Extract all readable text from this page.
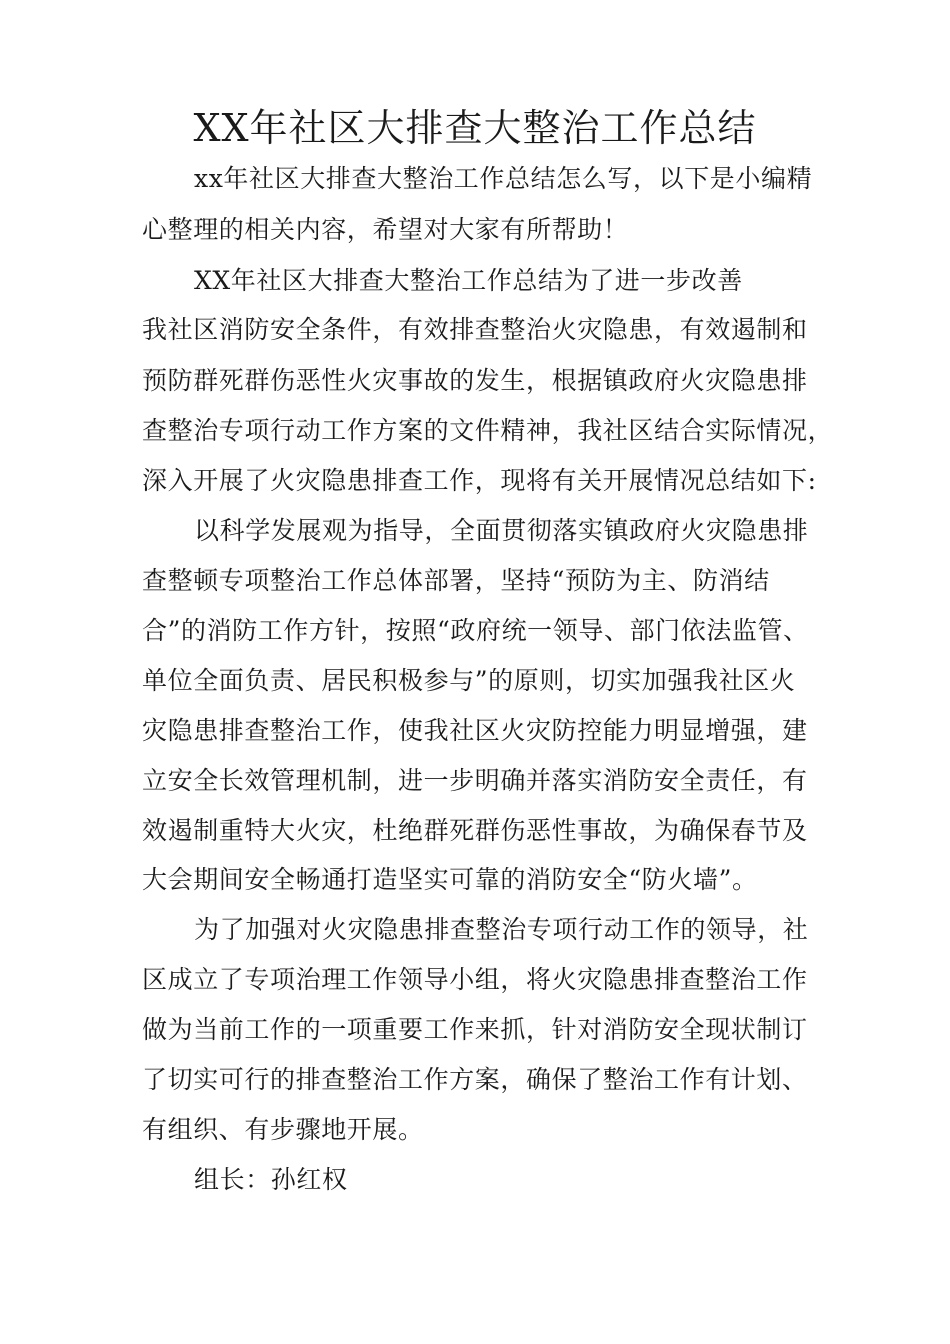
XX年社区大排查大整治工作总结
xx年社区大排查大整治工作总结怎么写，以下是小编精
心整理的相关内容，希望对大家有所帮助！
XX年社区大排查大整治工作总结为了进一步改善
我社区消防安全条件，有效排查整治火灾隐患，有效遏制和
预防群死群伤恶性火灾事故的发生，根据镇政府火灾隐患排
查整治专项行动工作方案的文件精神，我社区结合实际情况，
深入开展了火灾隐患排查工作，现将有关开展情况总结如下:
以科学发展观为指导，全面贯彻落实镇政府火灾隐患排
查整顿专项整治工作总体部署，坚持“预防为主、防消结
合”的消防工作方针，按照“政府统一领导、部门依法监管、
单位全面负责、居民积极参与”的原则，切实加强我社区火
灾隐患排查整治工作，使我社区火灾防控能力明显增强，建
立安全长效管理机制，进一步明确并落实消防安全责任，有
效遏制重特大火灾，杜绝群死群伤恶性事故，为确保春节及
大会期间安全畅通打造坚实可靠的消防安全“防火墙”。
为了加强对火灾隐患排查整治专项行动工作的领导，社
区成立了专项治理工作领导小组，将火灾隐患排查整治工作
做为当前工作的一项重要工作来抓，针对消防安全现状制订
了切实可行的排查整治工作方案，确保了整治工作有计划、
有组织、有步骤地开展。
组长：孙红权
